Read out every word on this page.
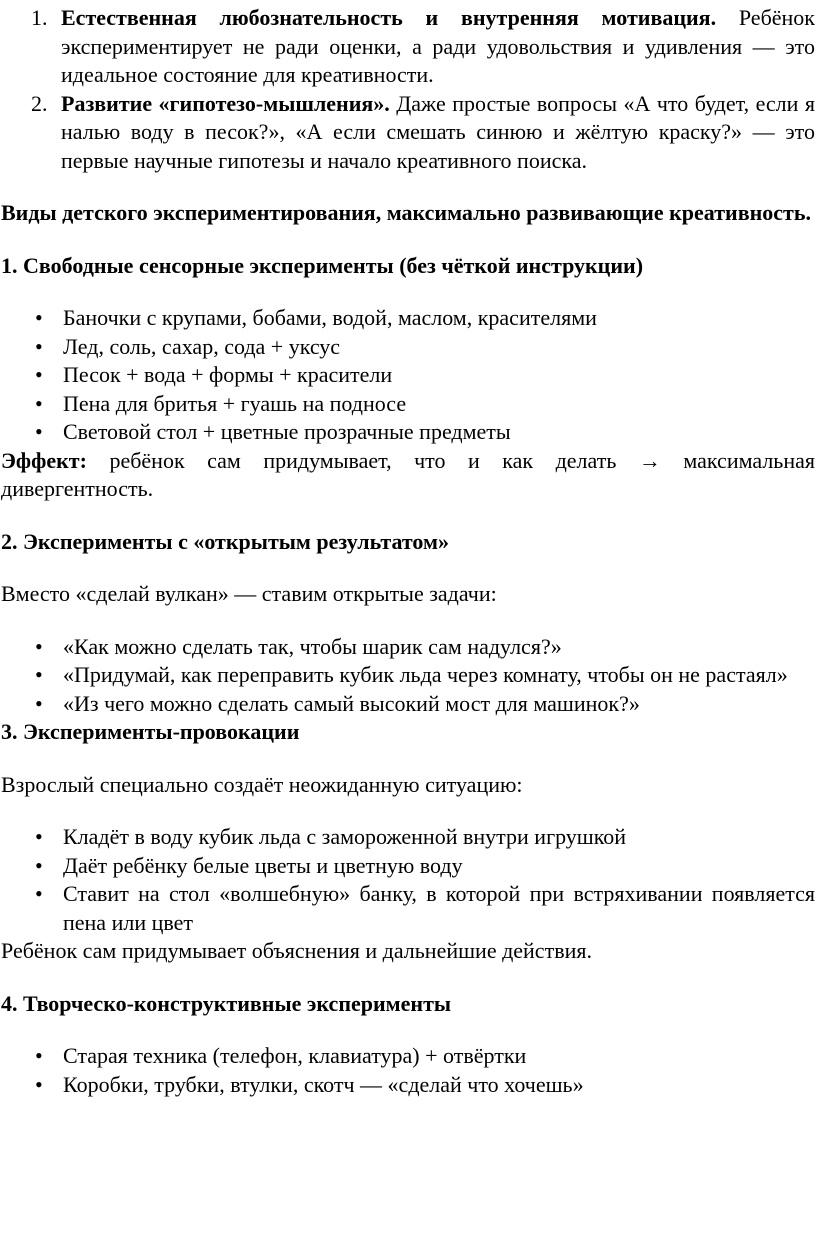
1. Естественная любознательность и внутренняя мотивация. Ребёнок экспериментирует не ради оценки, а ради удовольствия и удивления — это идеальное состояние для креативности.
2. Развитие «гипотезо-мышления». Даже простые вопросы «А что будет, если я налью воду в песок?», «А если смешать синюю и жёлтую краску?» — это первые научные гипотезы и начало креативного поиска.
Виды детского экспериментирования, максимально развивающие креативность.
1. Свободные сенсорные эксперименты (без чёткой инструкции)
• Баночки с крупами, бобами, водой, маслом, красителями
• Лед, соль, сахар, сода + уксус
• Песок + вода + формы + красители
• Пена для бритья + гуашь на подносе
• Световой стол + цветные прозрачные предметы
Эффект: ребёнок сам придумывает, что и как делать → максимальная дивергентность.
2. Эксперименты с «открытым результатом»
Вместо «сделай вулкан» — ставим открытые задачи:
• «Как можно сделать так, чтобы шарик сам надулся?»
• «Придумай, как переправить кубик льда через комнату, чтобы он не растаял»
• «Из чего можно сделать самый высокий мост для машинок?»
3. Эксперименты-провокации
Взрослый специально создаёт неожиданную ситуацию:
• Кладёт в воду кубик льда с замороженной внутри игрушкой
• Даёт ребёнку белые цветы и цветную воду
• Ставит на стол «волшебную» банку, в которой при встряхивании появляется пена или цвет
Ребёнок сам придумывает объяснения и дальнейшие действия.
4. Творческо-конструктивные эксперименты
• Старая техника (телефон, клавиатура) + отвёртки
• Коробки, трубки, втулки, скотч — «сделай что хочешь»
